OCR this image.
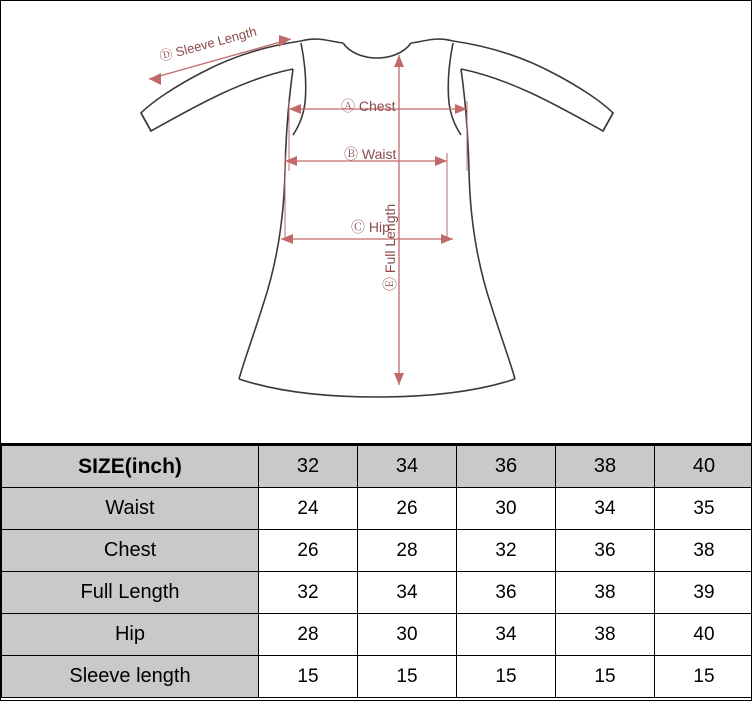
Ⓓ Sleeve Length
Ⓐ Chest
Ⓑ Waist
Ⓒ Hip
Ⓔ Full Length
SIZE(inch)	32	34	36	38	40
Waist	24	26	30	34	35
Chest	26	28	32	36	38
Full Length	32	34	36	38	39
Hip	28	30	34	38	40
Sleeve length	15	15	15	15	15
